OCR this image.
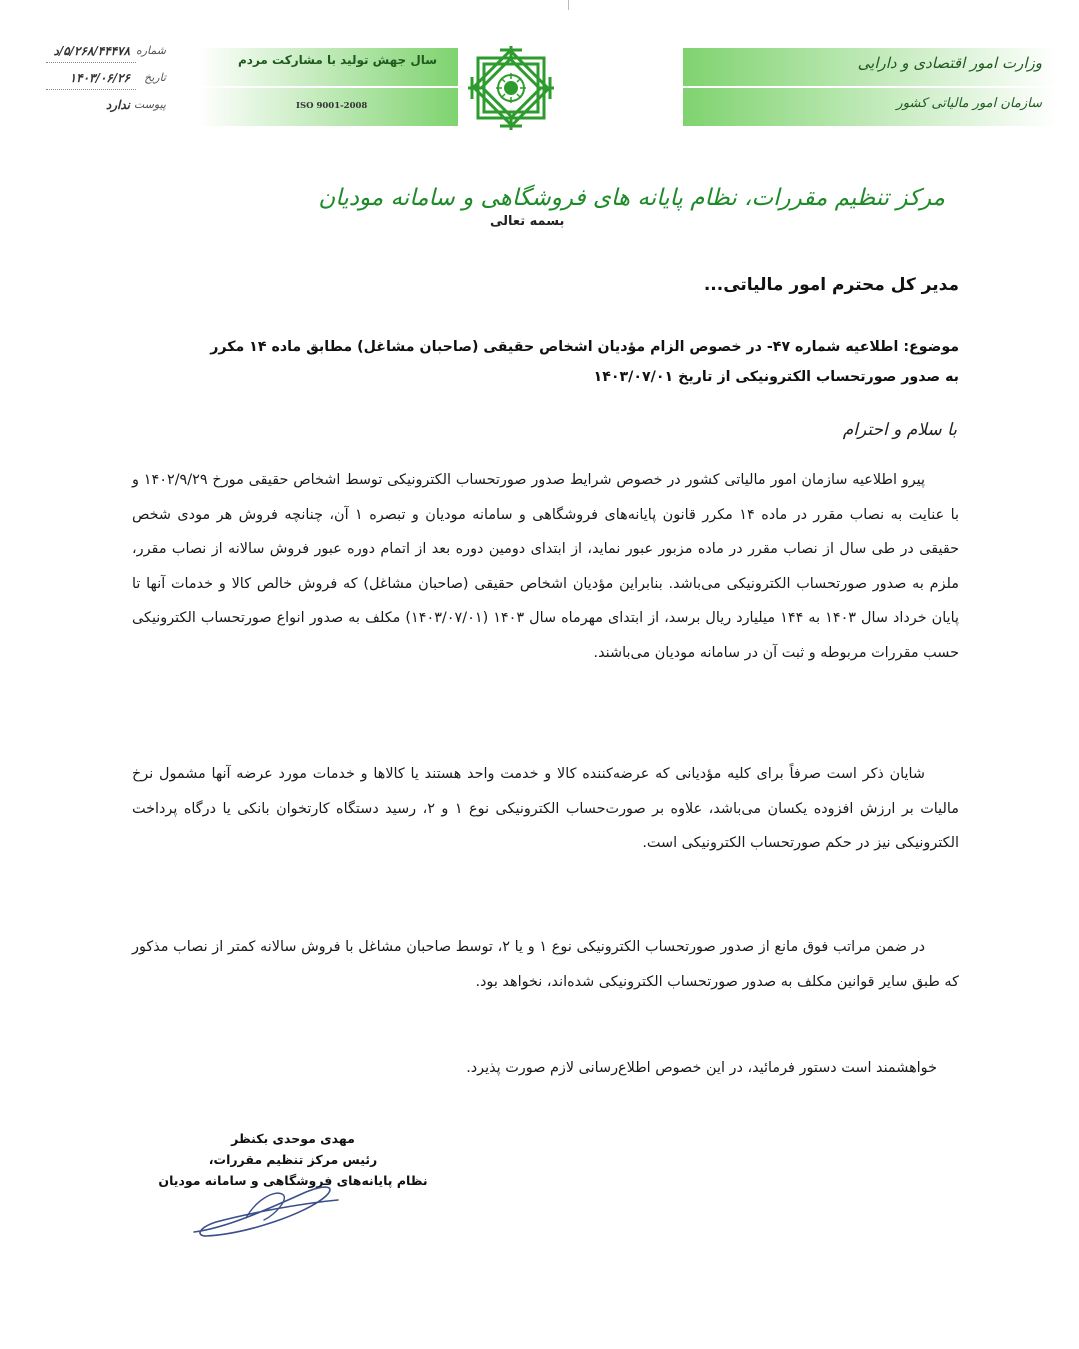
وزارت امور اقتصادی و دارایی
سازمان امور مالیاتی کشور
سال جهش تولید با مشارکت مردم
ISO 9001-2008
شماره
۵/۲۶۸/۴۴۴۷۸/د
تاریخ
۱۴۰۳/۰۶/۲۶
پیوست
ندارد
مرکز تنظیم مقررات، نظام پایانه های فروشگاهی و سامانه مودیان
بسمه تعالی
مدیر کل محترم امور مالیاتی...
موضوع: اطلاعیه شماره ۴۷- در خصوص الزام مؤدیان اشخاص حقیقی (صاحبان مشاغل) مطابق ماده ۱۴ مکرر به صدور صورتحساب الکترونیکی از تاریخ ۱۴۰۳/۰۷/۰۱
با سلام و احترام

پیرو اطلاعیه سازمان امور مالیاتی کشور در خصوص شرایط صدور صورتحساب الکترونیکی توسط اشخاص حقیقی مورخ ۱۴۰۲/۹/۲۹ و با عنایت به نصاب مقرر در ماده ۱۴ مکرر قانون پایانه‌های فروشگاهی و سامانه مودیان و تبصره ۱ آن، چنانچه فروش هر مودی شخص حقیقی در طی سال از نصاب مقرر در ماده مزبور عبور نماید، از ابتدای دومین دوره بعد از اتمام دوره عبور فروش سالانه از نصاب مقرر، ملزم به صدور صورتحساب الکترونیکی می‌باشد. بنابراین مؤدیان اشخاص حقیقی (صاحبان مشاغل) که فروش خالص کالا و خدمات آنها تا پایان خرداد سال ۱۴۰۳ به ۱۴۴ میلیارد ریال برسد، از ابتدای مهرماه سال ۱۴۰۳ (۱۴۰۳/۰۷/۰۱) مکلف به صدور انواع صورتحساب الکترونیکی حسب مقررات مربوطه و ثبت آن در سامانه مودیان می‌باشند.

شایان ذکر است صرفاً برای کلیه مؤدیانی که عرضه‌کننده کالا و خدمت واحد هستند یا کالاها و خدمات مورد عرضه آنها مشمول نرخ مالیات بر ارزش افزوده یکسان می‌باشد، علاوه بر صورت‌حساب الکترونیکی نوع ۱ و ۲، رسید دستگاه کارتخوان بانکی یا درگاه پرداخت الکترونیکی نیز در حکم صورتحساب الکترونیکی است.

در ضمن مراتب فوق مانع از صدور صورتحساب الکترونیکی نوع ۱ و یا ۲، توسط صاحبان مشاغل با فروش سالانه کمتر از نصاب مذکور که طبق سایر قوانین مکلف به صدور صورتحساب الکترونیکی شده‌اند، نخواهد بود.

خواهشمند است دستور فرمائید، در این خصوص اطلاع‌رسانی لازم صورت پذیرد.
مهدی موحدی بکنظر
رئیس مرکز تنظیم مقررات،
نظام پایانه‌های فروشگاهی و سامانه مودیان
